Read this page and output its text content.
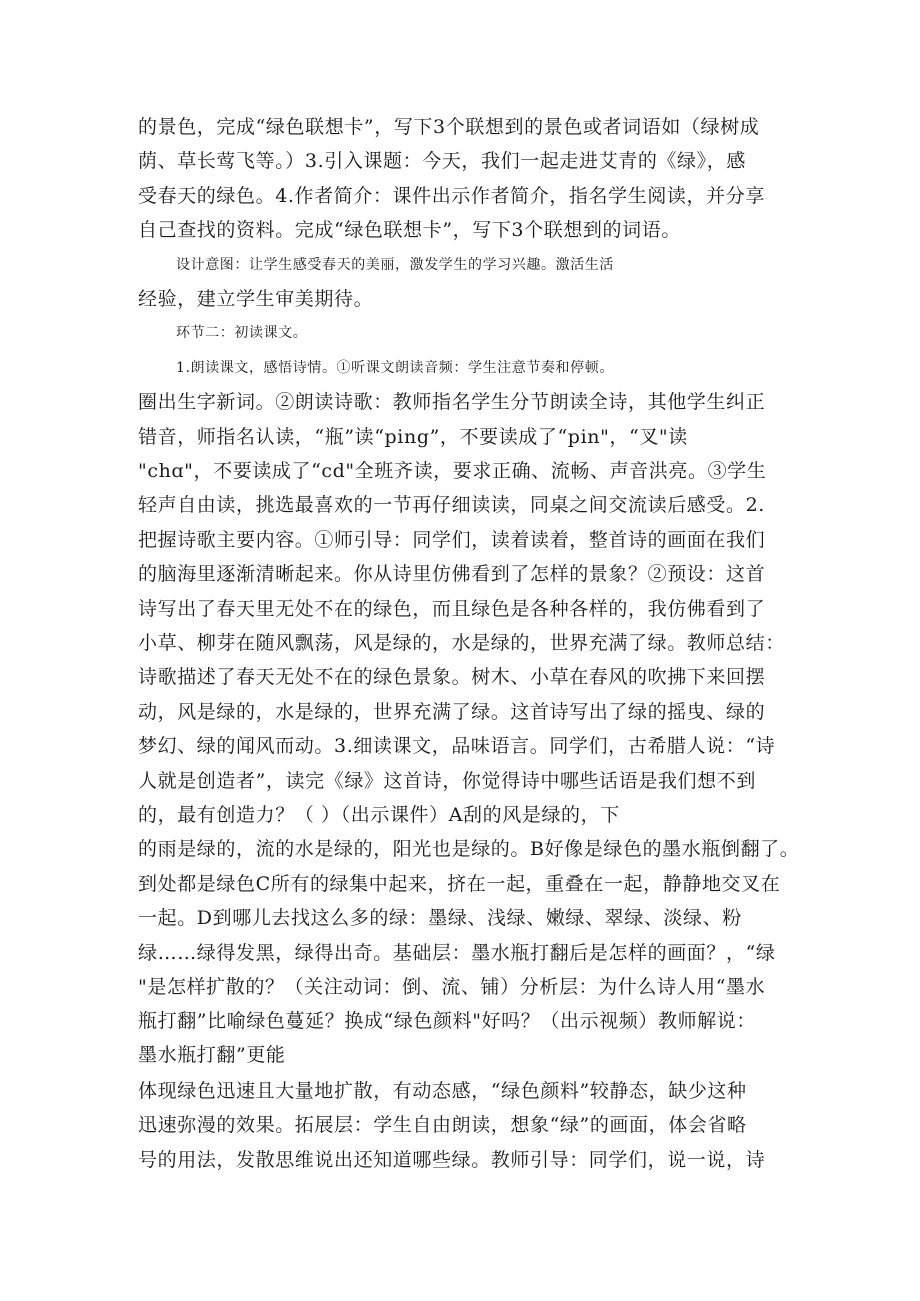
的景色，完成“绿色联想卡”，写下3个联想到的景色或者词语如（绿树成
荫、草长莺飞等。）3.引入课题：今天，我们一起走进艾青的《绿》，感
受春天的绿色。4.作者简介：课件出示作者简介，指名学生阅读，并分享
自己查找的资料。完成“绿色联想卡”，写下3个联想到的词语。
设计意图：让学生感受春天的美丽，激发学生的学习兴趣。激活生活
经验，建立学生审美期待。
环节二：初读课文。
1.朗读课文，感悟诗情。①听课文朗读音频：学生注意节奏和停顿。
圈出生字新词。②朗读诗歌：教师指名学生分节朗读全诗，其他学生纠正
错音，师指名认读，“瓶”读“ping”，不要读成了“pin"，“叉"读
"chɑ"，不要读成了“cd"全班齐读，要求正确、流畅、声音洪亮。③学生
轻声自由读，挑选最喜欢的一节再仔细读读，同桌之间交流读后感受。2.
把握诗歌主要内容。①师引导：同学们，读着读着，整首诗的画面在我们
的脑海里逐渐清晰起来。你从诗里仿佛看到了怎样的景象？②预设：这首
诗写出了春天里无处不在的绿色，而且绿色是各种各样的，我仿佛看到了
小草、柳芽在随风飘荡，风是绿的，水是绿的，世界充满了绿。教师总结：
诗歌描述了春天无处不在的绿色景象。树木、小草在春风的吹拂下来回摆
动，风是绿的，水是绿的，世界充满了绿。这首诗写出了绿的摇曳、绿的
梦幻、绿的闻风而动。3.细读课文，品味语言。同学们，古希腊人说：“诗
人就是创造者”，读完《绿》这首诗，你觉得诗中哪些话语是我们想不到
的，最有创造力？（ ）（出示课件）A刮的风是绿的，下
的雨是绿的，流的水是绿的，阳光也是绿的。B好像是绿色的墨水瓶倒翻了。
到处都是绿色C所有的绿集中起来，挤在一起，重叠在一起，静静地交叉在
一起。D到哪儿去找这么多的绿：墨绿、浅绿、嫩绿、翠绿、淡绿、粉
绿……绿得发黑，绿得出奇。基础层：墨水瓶打翻后是怎样的画面？，“绿
"是怎样扩散的？（关注动词：倒、流、铺）分析层：为什么诗人用“墨水
瓶打翻”比喻绿色蔓延？换成“绿色颜料"好吗？（出示视频）教师解说：
墨水瓶打翻”更能
体现绿色迅速且大量地扩散，有动态感，“绿色颜料”较静态，缺少这种
迅速弥漫的效果。拓展层：学生自由朗读，想象“绿”的画面，体会省略
号的用法，发散思维说出还知道哪些绿。教师引导：同学们，说一说，诗
